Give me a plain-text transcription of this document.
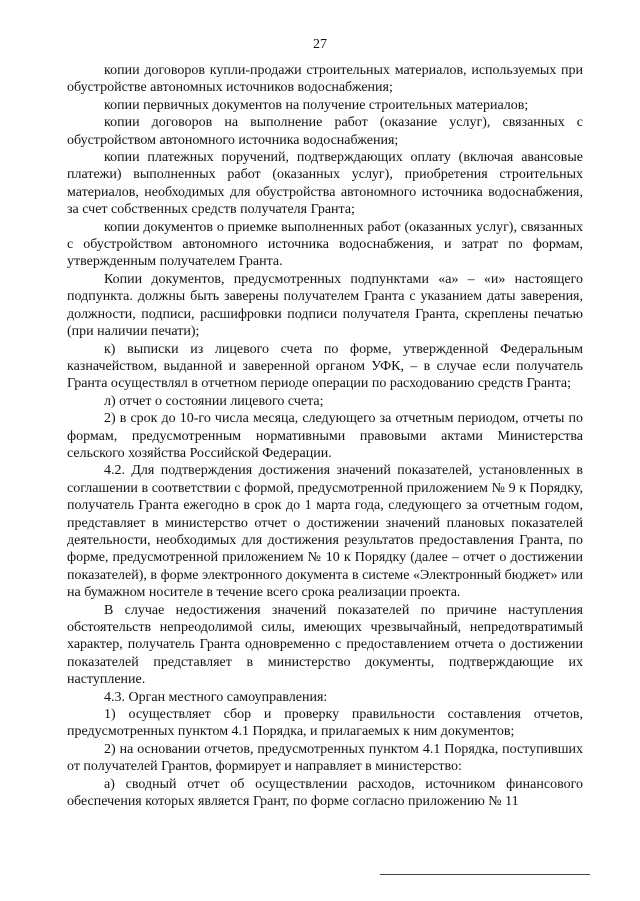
27

копии договоров купли-продажи строительных материалов, используемых при обустройстве автономных источников водоснабжения;

копии первичных документов на получение строительных материалов;

копии договоров на выполнение работ (оказание услуг), связанных с обустройством автономного источника водоснабжения;

копии платежных поручений, подтверждающих оплату (включая авансовые платежи) выполненных работ (оказанных услуг), приобретения строительных материалов, необходимых для обустройства автономного источника водоснабжения, за счет собственных средств получателя Гранта;

копии документов о приемке выполненных работ (оказанных услуг), связанных с обустройством автономного источника водоснабжения, и затрат по формам, утвержденным получателем Гранта.

Копии документов, предусмотренных подпунктами «а» – «и» настоящего подпункта. должны быть заверены получателем Гранта с указанием даты заверения, должности, подписи, расшифровки подписи получателя Гранта, скреплены печатью (при наличии печати);

к) выписки из лицевого счета по форме, утвержденной Федеральным казначейством, выданной и заверенной органом УФК, – в случае если получатель Гранта осуществлял в отчетном периоде операции по расходованию средств Гранта;

л) отчет о состоянии лицевого счета;

2) в срок до 10-го числа месяца, следующего за отчетным периодом, отчеты по формам, предусмотренным нормативными правовыми актами Министерства сельского хозяйства Российской Федерации.

4.2. Для подтверждения достижения значений показателей, установленных в соглашении в соответствии с формой, предусмотренной приложением № 9 к Порядку, получатель Гранта ежегодно в срок до 1 марта года, следующего за отчетным годом, представляет в министерство отчет о достижении значений плановых показателей деятельности, необходимых для достижения результатов предоставления Гранта, по форме, предусмотренной приложением № 10 к Порядку (далее – отчет о достижении показателей), в форме электронного документа в системе «Электронный бюджет» или на бумажном носителе в течение всего срока реализации проекта.

В случае недостижения значений показателей по причине наступления обстоятельств непреодолимой силы, имеющих чрезвычайный, непредотвратимый характер, получатель Гранта одновременно с предоставлением отчета о достижении показателей представляет в министерство документы, подтверждающие их наступление.

4.3. Орган местного самоуправления:

1) осуществляет сбор и проверку правильности составления отчетов, предусмотренных пунктом 4.1 Порядка, и прилагаемых к ним документов;

2) на основании отчетов, предусмотренных пунктом 4.1 Порядка, поступивших от получателей Грантов, формирует и направляет в министерство:

а) сводный отчет об осуществлении расходов, источником финансового обеспечения которых является Грант, по форме согласно приложению № 11
